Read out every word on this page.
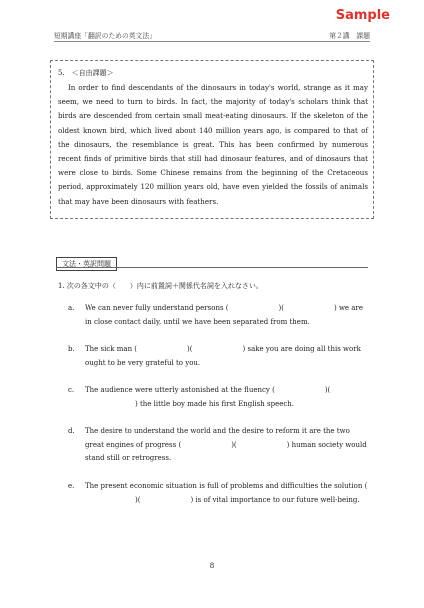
Sample
短期講座「翻訳のための英文法」	第２講　課題
5.　＜自由課題＞

In order to find descendants of the dinosaurs in today's world, strange as it may seem, we need to turn to birds. In fact, the majority of today's scholars think that birds are descended from certain small meat-eating dinosaurs. If the skeleton of the oldest known bird, which lived about 140 million years ago, is compared to that of the dinosaurs, the resemblance is great. This has been confirmed by numerous recent finds of primitive birds that still had dinosaur features, and of dinosaurs that were close to birds. Some Chinese remains from the beginning of the Cretaceous period, approximately 120 million years old, have even yielded the fossils of animals that may have been dinosaurs with feathers.

文法・英訳問題
1. 次の各文中の（　　）内に前置詞＋関係代名詞を入れなさい。
a. We can never fully understand persons (	)(	) we are in close contact daily, until we have been separated from them.
b. The sick man (	)(	) sake you are doing all this work ought to be very grateful to you.
c. The audience were utterly astonished at the fluency (	)() the little boy made his first English speech.
d. The desire to understand the world and the desire to reform it are the two great engines of progress (	)(	) human society would stand still or retrogress.
e. The present economic situation is full of problems and difficulties the solution ()(	) is of vital importance to our future well-being.
8
